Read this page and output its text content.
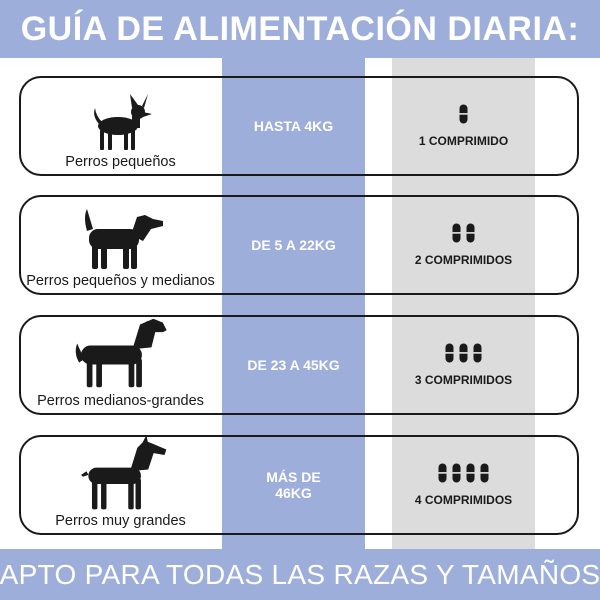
GUÍA DE ALIMENTACIÓN DIARIA:
Perros pequeños
HASTA 4KG
1 COMPRIMIDO
Perros pequeños y medianos
DE 5 A 22KG
2 COMPRIMIDOS
Perros medianos-grandes
DE 23 A 45KG
3 COMPRIMIDOS
Perros muy grandes
MÁS DE
46KG	4 COMPRIMIDOS
APTO PARA TODAS LAS RAZAS Y TAMAÑOS
